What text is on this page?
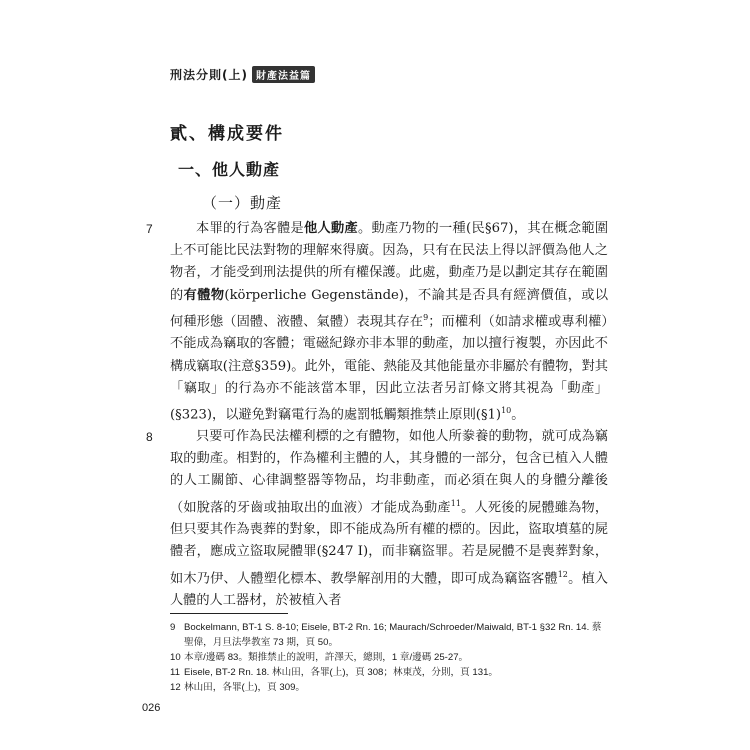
刑法分則(上) 財產法益篇
貳、構成要件
一、他人動產
（一）動產
7
8

本罪的行為客體是他人動產。動產乃物的一種(民§67)，其在概念範圍上不可能比民法對物的理解來得廣。因為，只有在民法上得以評價為他人之物者，才能受到刑法提供的所有權保護。此處，動產乃是以劃定其存在範圍的有體物(körperliche Gegenstände)，不論其是否具有經濟價值，或以何種形態（固體、液體、氣體）表現其存在$^9$；而權利（如請求權或專利權）不能成為竊取的客體；電磁紀錄亦非本罪的動產，加以擅行複製，亦因此不構成竊取(注意§359)。此外，電能、熱能及其他能量亦非屬於有體物，對其「竊取」的行為亦不能該當本罪，因此立法者另訂條文將其視為「動產」(§323)，以避免對竊電行為的處罰牴觸類推禁止原則(§1)$^{10}$。

只要可作為民法權利標的之有體物，如他人所豢養的動物，就可成為竊取的動產。相對的，作為權利主體的人，其身體的一部分，包含已植入人體的人工關節、心律調整器等物品，均非動產，而必須在與人的身體分離後（如脫落的牙齒或抽取出的血液）才能成為動產$^{11}$。人死後的屍體雖為物，但只要其作為喪葬的對象，即不能成為所有權的標的。因此，盜取墳墓的屍體者，應成立盜取屍體罪(§247 I)，而非竊盜罪。若是屍體不是喪葬對象，如木乃伊、人體塑化標本、教學解剖用的大體，即可成為竊盜客體$^{12}$。植入人體的人工器材，於被植入者

9 Bockelmann, BT-1 S. 8-10; Eisele, BT-2 Rn. 16; Maurach/Schroeder/Maiwald, BT-1 §32 Rn. 14. 蔡聖偉，月旦法學教室 73 期，頁 50。
10 本章/邊碼 83。類推禁止的說明，許澤天，總則，1 章/邊碼 25-27。
11 Eisele, BT-2 Rn. 18. 林山田，各罪(上)，頁 308；林東茂，分則，頁 131。
12 林山田，各罪(上)，頁 309。
026
